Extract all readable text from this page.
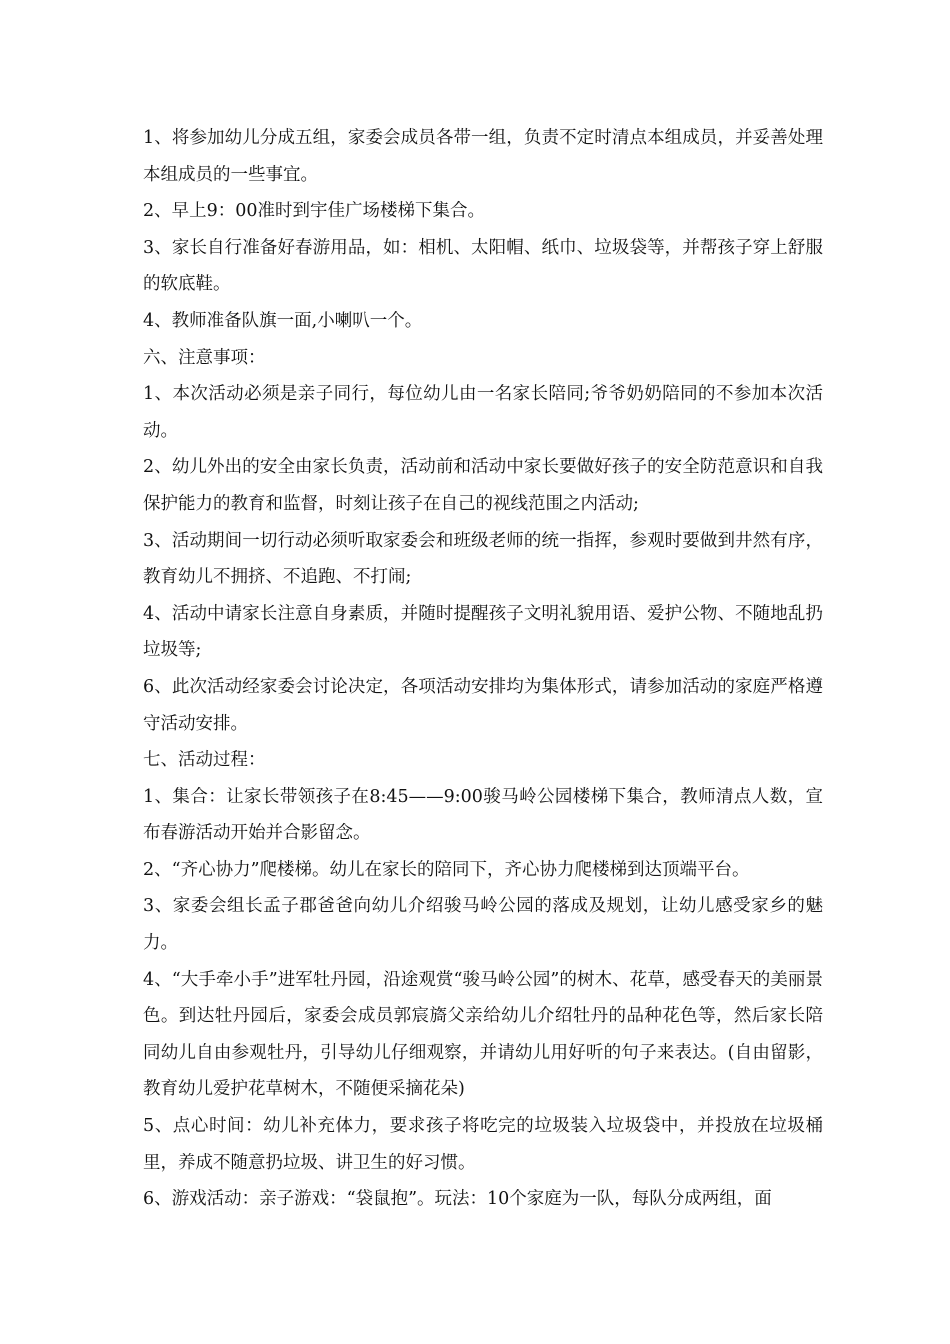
1、将参加幼儿分成五组，家委会成员各带一组，负责不定时清点本组成员，并妥善处理本组成员的一些事宜。

2、早上9：00准时到宇佳广场楼梯下集合。

3、家长自行准备好春游用品，如：相机、太阳帽、纸巾、垃圾袋等，并帮孩子穿上舒服的软底鞋。

4、教师准备队旗一面,小喇叭一个。

六、注意事项：

1、本次活动必须是亲子同行，每位幼儿由一名家长陪同;爷爷奶奶陪同的不参加本次活动。

2、幼儿外出的安全由家长负责，活动前和活动中家长要做好孩子的安全防范意识和自我保护能力的教育和监督，时刻让孩子在自己的视线范围之内活动;

3、活动期间一切行动必须听取家委会和班级老师的统一指挥，参观时要做到井然有序，教育幼儿不拥挤、不追跑、不打闹;

4、活动中请家长注意自身素质，并随时提醒孩子文明礼貌用语、爱护公物、不随地乱扔垃圾等;

6、此次活动经家委会讨论决定，各项活动安排均为集体形式，请参加活动的家庭严格遵守活动安排。

七、活动过程：

1、集合：让家长带领孩子在8:45——9:00骏马岭公园楼梯下集合，教师清点人数，宣布春游活动开始并合影留念。

2、“齐心协力”爬楼梯。幼儿在家长的陪同下，齐心协力爬楼梯到达顶端平台。

3、家委会组长孟子郡爸爸向幼儿介绍骏马岭公园的落成及规划，让幼儿感受家乡的魅力。

4、“大手牵小手”进军牡丹园，沿途观赏“骏马岭公园”的树木、花草，感受春天的美丽景色。到达牡丹园后，家委会成员郭宸旖父亲给幼儿介绍牡丹的品种花色等，然后家长陪同幼儿自由参观牡丹，引导幼儿仔细观察，并请幼儿用好听的句子来表达。(自由留影，教育幼儿爱护花草树木，不随便采摘花朵)

5、点心时间：幼儿补充体力，要求孩子将吃完的垃圾装入垃圾袋中，并投放在垃圾桶里，养成不随意扔垃圾、讲卫生的好习惯。

6、游戏活动：亲子游戏：“袋鼠抱”。玩法：10个家庭为一队，每队分成两组，面
